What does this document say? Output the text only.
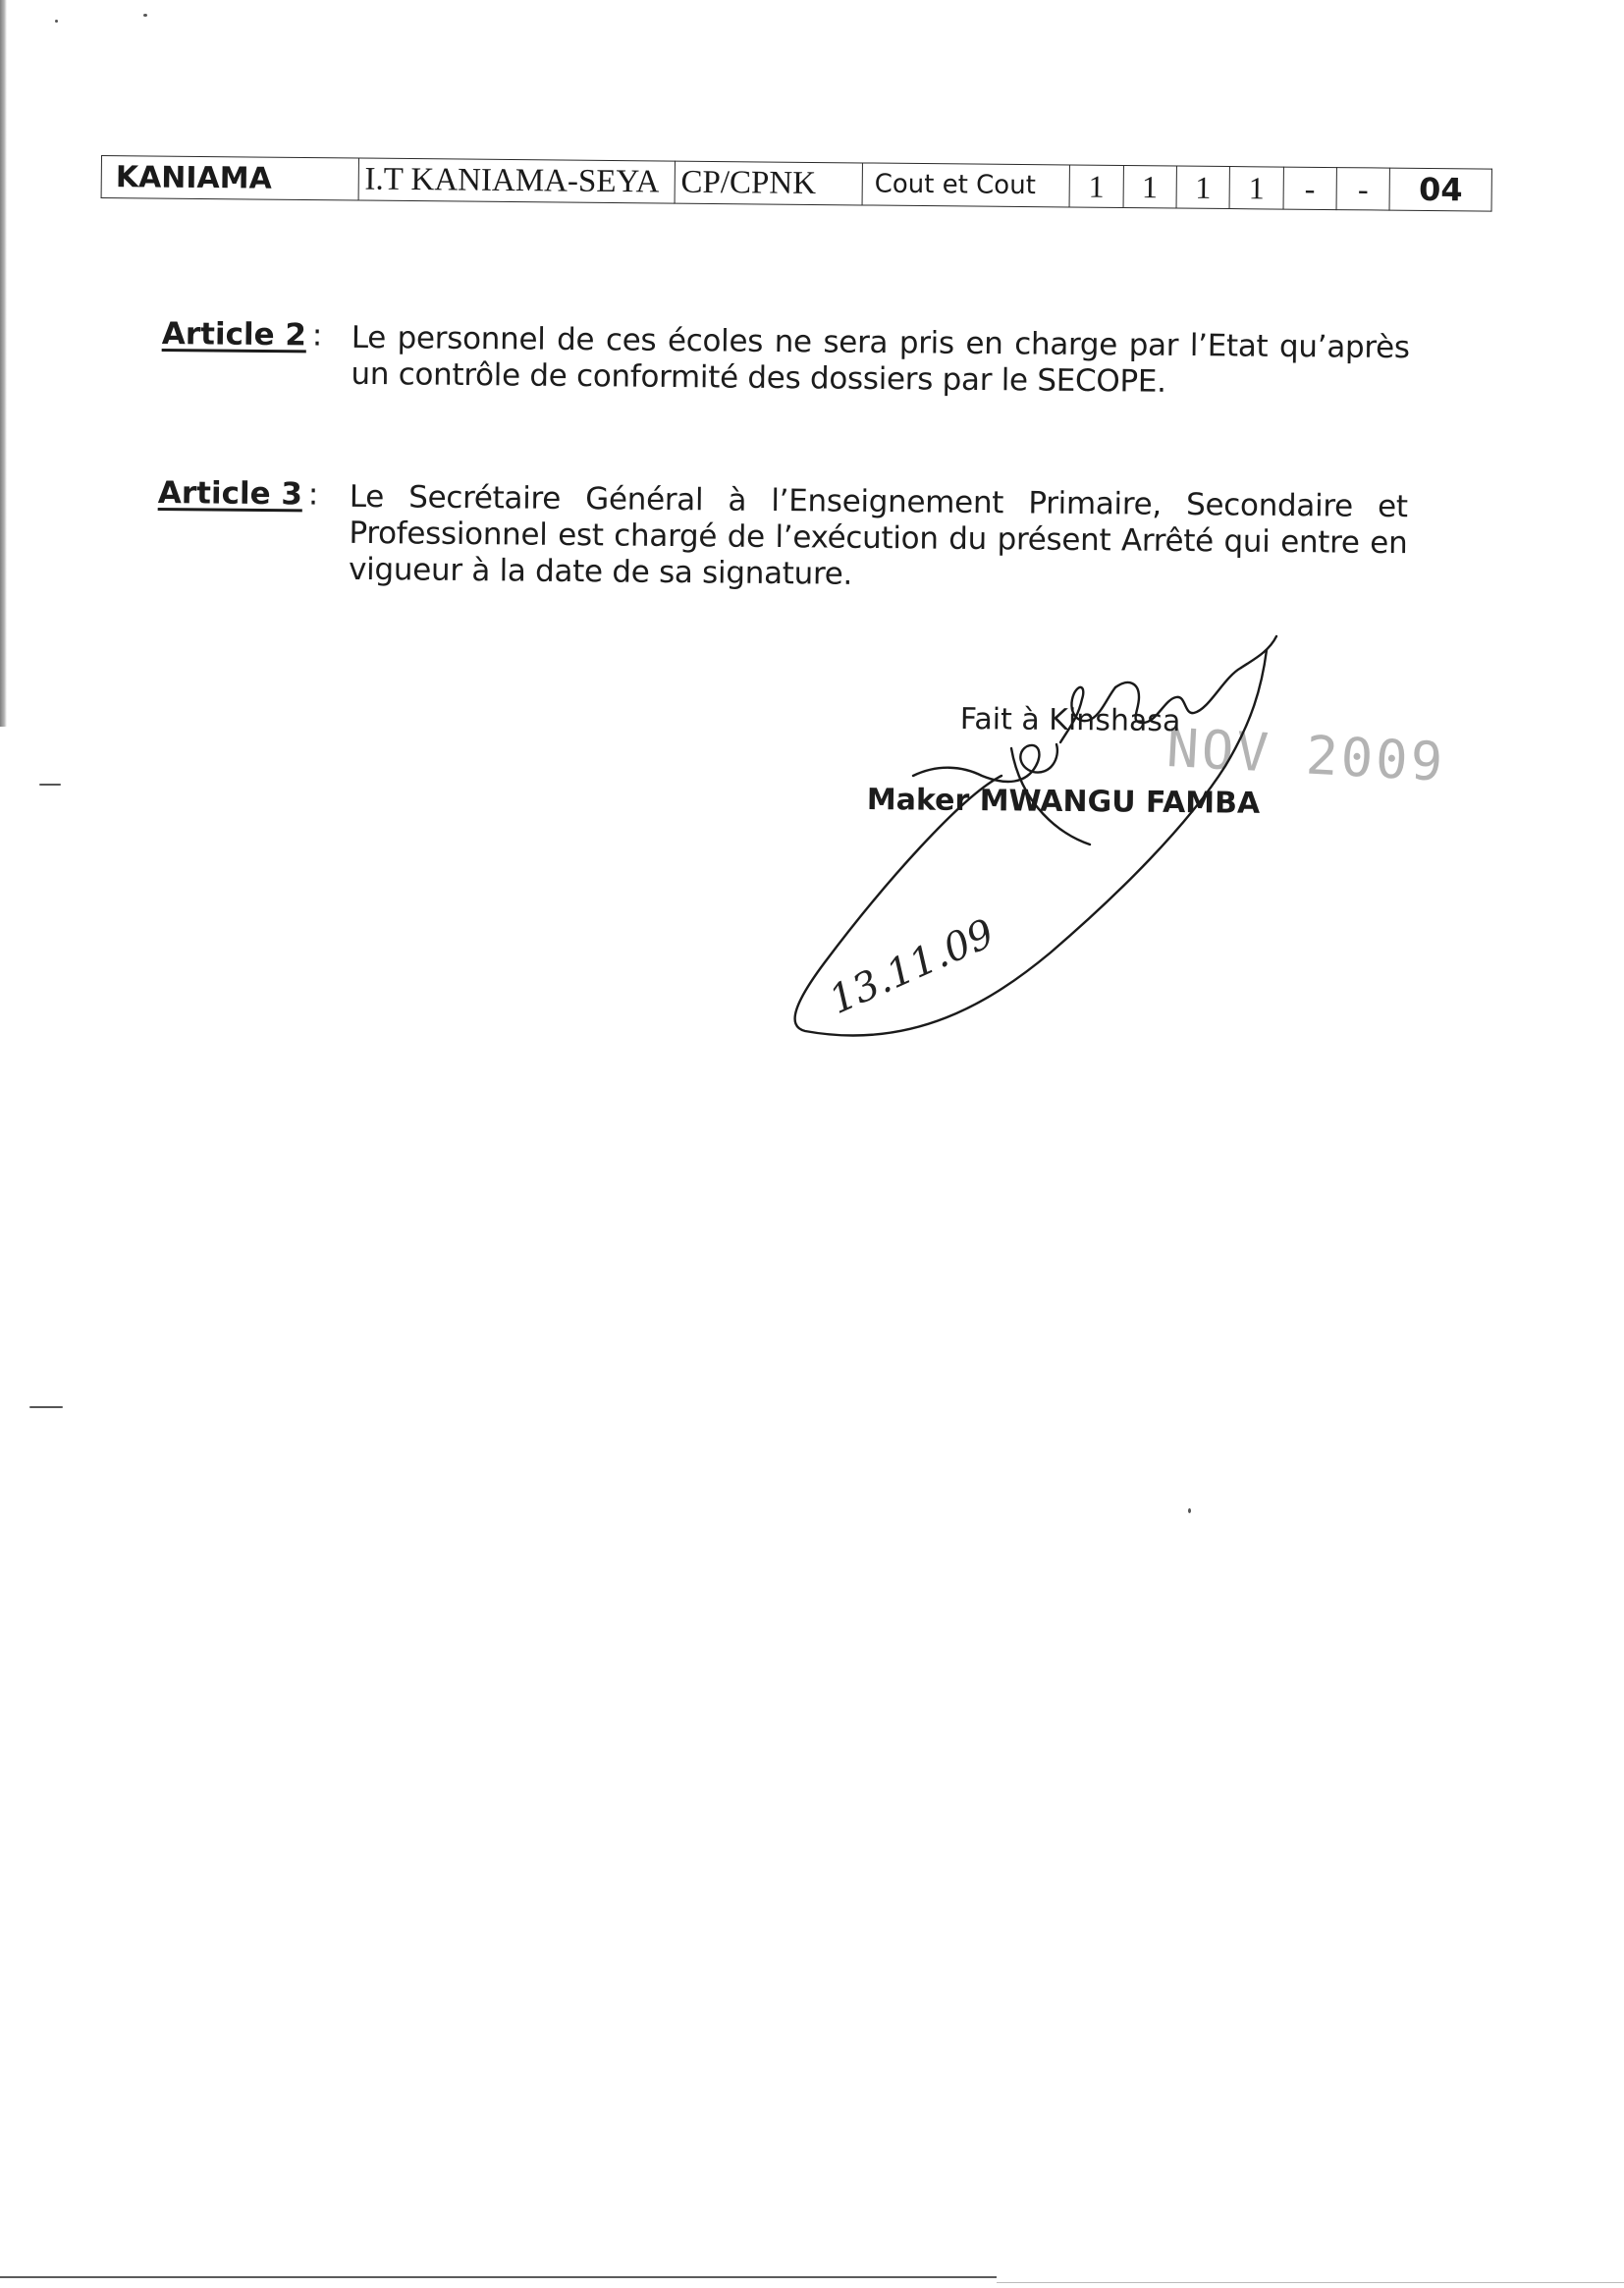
KANIAMA	I.T KANIAMA-SEYA	CP/CPNK	Cout et Cout	1	1	1	1	-	-	04
Article 2 : Le personnel de ces écoles ne sera pris en charge par l’Etat qu’après un contrôle de conformité des dossiers par le SECOPE.
Article 3 : Le Secrétaire Général à l’Enseignement Primaire, Secondaire et Professionnel est chargé de l’exécution du présent Arrêté qui entre en vigueur à la date de sa signature.
NOV 2009
Fait à Kinshasa
Maker MWANGU FAMBA
13.11.09
